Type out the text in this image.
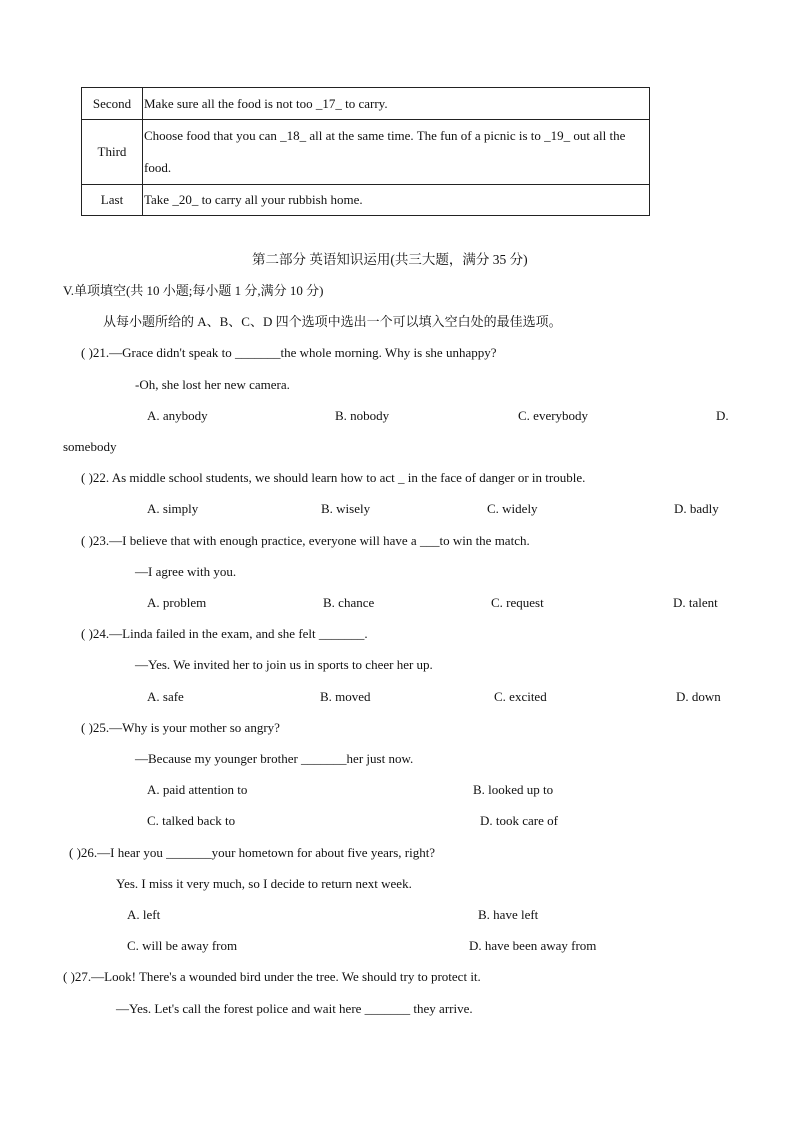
Second	Make sure all the food is not too _17_ to carry.
Third	Choose food that you can _18_ all at the same time. The fun of a picnic is to _19_ out all the food.
Last	Take _20_ to carry all your rubbish home.
第二部分 英语知识运用(共三大题，满分 35 分)
V.单项填空(共 10 小题;每小题 1 分,满分 10 分)
从每小题所给的 A、B、C、D 四个选项中选出一个可以填入空白处的最佳选项。
( )21.—Grace didn't speak to _______the whole morning. Why is she unhappy?
-Oh, she lost her new camera.
A. anybody	B. nobody	C. everybody	D.
somebody
( )22. As middle school students, we should learn how to act _ in the face of danger or in trouble.
A. simply	B. wisely	C. widely	D. badly
( )23.—I believe that with enough practice, everyone will have a ___to win the match.
—I agree with you.
A. problem	B. chance	C. request	D. talent
( )24.—Linda failed in the exam, and she felt _______.
—Yes. We invited her to join us in sports to cheer her up.
A. safe	B. moved	C. excited	D. down
( )25.—Why is your mother so angry?
—Because my younger brother _______her just now.
A. paid attention to	B. looked up to
C. talked back to	D. took care of
( )26.—I hear you _______your hometown for about five years, right?
Yes. I miss it very much, so I decide to return next week.
A. left	B. have left
C. will be away from	D. have been away from
( )27.—Look! There's a wounded bird under the tree. We should try to protect it.
—Yes. Let's call the forest police and wait here _______ they arrive.
